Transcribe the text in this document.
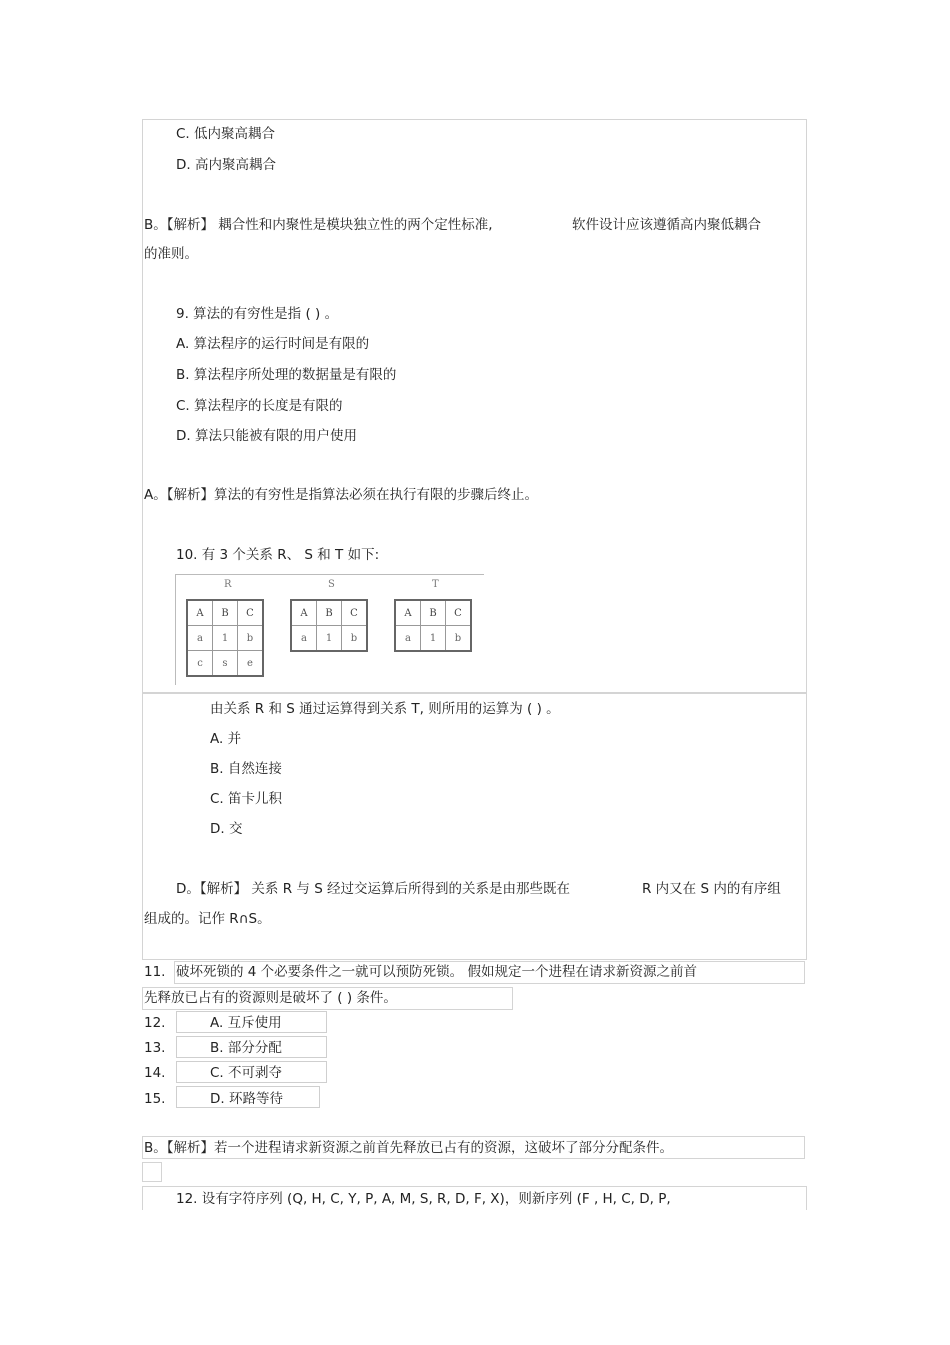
C. 低内聚高耦合
D. 高内聚高耦合
B。【解析】 耦合性和内聚性是模块独立性的两个定性标准,	软件设计应该遵循高内聚低耦合
的准则。
9. 算法的有穷性是指 ( ) 。
A. 算法程序的运行时间是有限的
B. 算法程序所处理的数据量是有限的
C. 算法程序的长度是有限的
D. 算法只能被有限的用户使用
A。【解析】算法的有穷性是指算法必须在执行有限的步骤后终止。
10. 有 3 个关系 R、 S 和 T 如下:
R
A	B	C
a	1	b
c	s	e
S
A	B	C
a	1	b
T
A	B	C
a	1	b
由关系 R 和 S 通过运算得到关系 T, 则所用的运算为 ( ) 。
A. 并
B. 自然连接
C. 笛卡儿积
D. 交
D。【解析】 关系 R 与 S 经过交运算后所得到的关系是由那些既在	R 内又在 S 内的有序组
组成的。记作 R∩S。
11. 破坏死锁的 4 个必要条件之一就可以预防死锁。 假如规定一个进程在请求新资源之前首
先释放已占有的资源则是破坏了 ( ) 条件。
12.	A. 互斥使用
13.	B. 部分分配
14.	C. 不可剥夺
15.	D. 环路等待
B。【解析】若一个进程请求新资源之前首先释放已占有的资源，这破坏了部分分配条件。
12. 设有字符序列 (Q, H, C, Y, P, A, M, S, R, D, F, X)，则新序列 (F , H, C, D, P,
